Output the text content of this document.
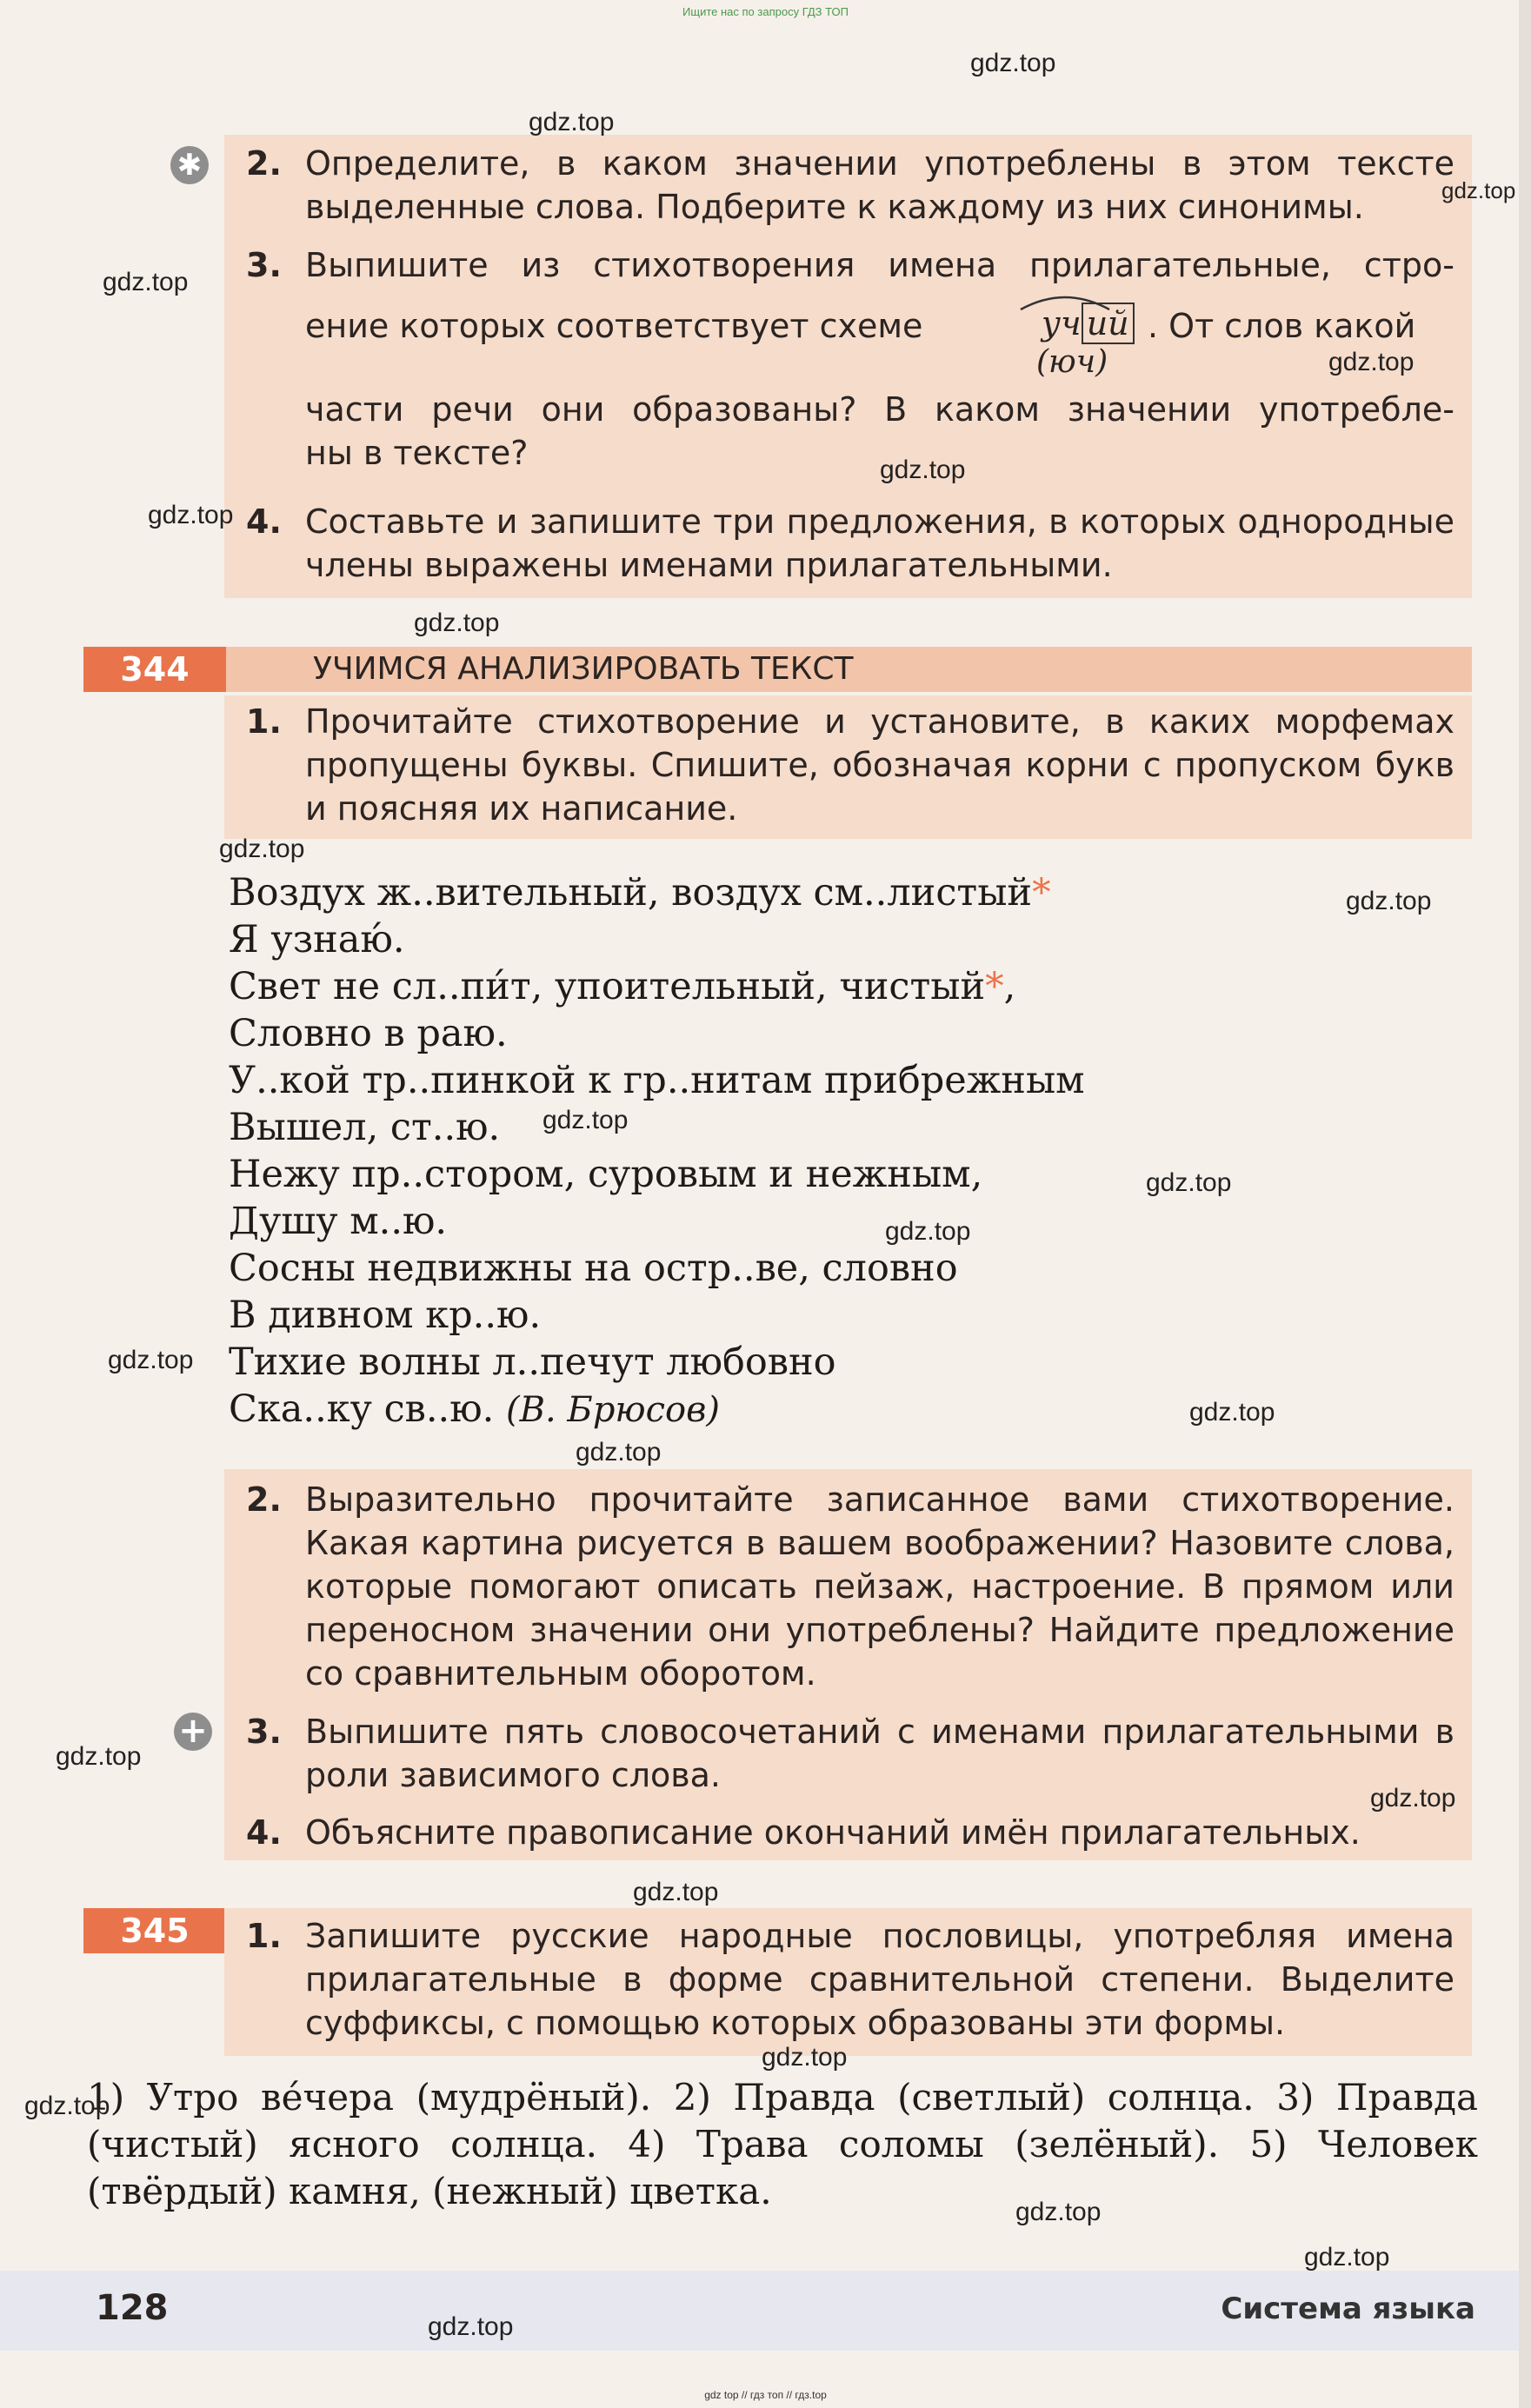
Ищите нас по запросу ГДЗ ТОП
✱ 2. Определите, в каком значении употреблены в этом тексте выделенные слова. Подберите к каждому из них синонимы.
3. Выпишите из стихотворения имена прилагательные, стро-
ение которых соответствует схеме	уч ий
(юч)
. От слов какой
части речи они образованы? В каком значении употребле-
ны в тексте?
4. Составьте и запишите три предложения, в которых однородные члены выражены именами прилагательными.
УЧИМСЯ АНАЛИЗИРОВАТЬ ТЕКСТ
344
1. Прочитайте стихотворение и установите, в каких морфемах пропущены буквы. Спишите, обозначая корни с пропуском букв и поясняя их написание.
Воздух ж..вительный, воздух см..листый*
Я узнаю́.
Свет не сл..пи́т, упоительный, чистый*,
Словно в раю.
У..кой тр..пинкой к гр..нитам прибрежным
Вышел, ст..ю.
Нежу пр..стором, суровым и нежным,
Душу м..ю.
Сосны недвижны на остр..ве, словно
В дивном кр..ю.
Тихие волны л..печут любовно
Ска..ку св..ю. (В. Брюсов)
2. Выразительно прочитайте записанное вами стихотворение. Какая картина рисуется в вашем воображении? Назовите слова, которые помогают описать пейзаж, настроение. В прямом или переносном значении они употреблены? Найдите предложение со сравнительным оборотом.
+ 3. Выпишите пять словосочетаний с именами прилагательными в роли зависимого слова.
4. Объясните правописание окончаний имён прилагательных.
345	1. Запишите русские народные пословицы, употребляя имена прилагательные в форме сравнительной степени. Выделите суффиксы, с помощью которых образованы эти формы.
1) Утро ве́чера (мудрёный). 2) Правда (светлый) солнца. 3) Правда (чистый) ясного солнца. 4) Трава соломы (зелёный). 5) Человек (твёрдый) камня, (нежный) цветка.
128	Система языка
gdz top // гдз топ // гдз.top
gdz.top
gdz.top
gdz.top
gdz.top
gdz.top
gdz.top
gdz.top
gdz.top
gdz.top
gdz.top
gdz.top
gdz.top
gdz.top
gdz.top
gdz.top
gdz.top
gdz.top
gdz.top
gdz.top
gdz.top
gdz.top
gdz.top
gdz.top
gdz.top
